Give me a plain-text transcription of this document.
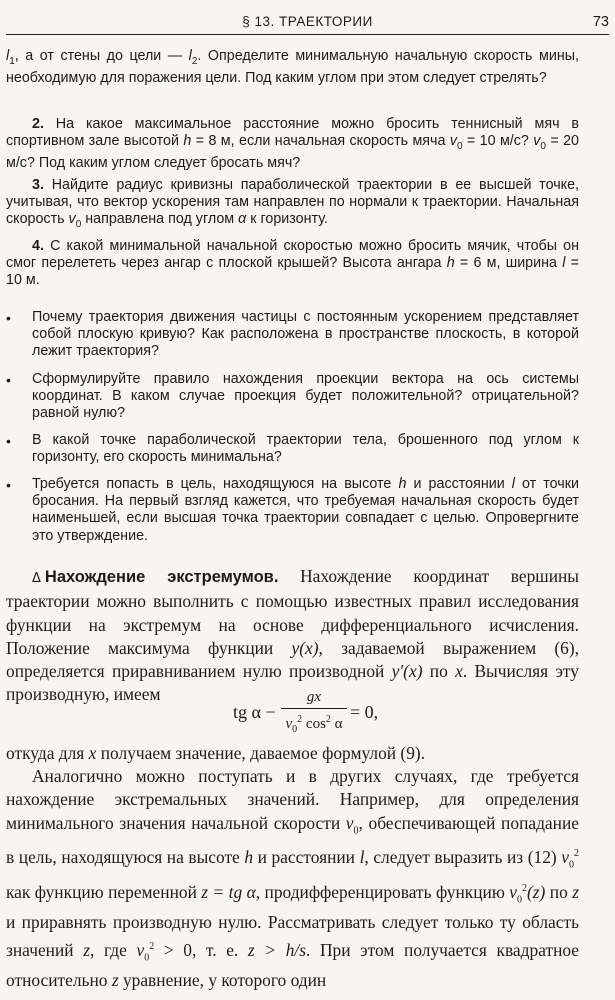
§ 13. ТРАЕКТОРИИ	73

$l_1$, а от стены до цели — $l_2$. Определите минимальную начальную скорость мины, необходимую для поражения цели. Под каким углом при этом следует стрелять?

2. На какое максимальное расстояние можно бросить теннисный мяч в спортивном зале высотой h = 8 м, если начальная скорость мяча $v_0 = 10$ м/с? $v_0 = 20$ м/с? Под каким углом следует бросать мяч?

3. Найдите радиус кривизны параболической траектории в ее высшей точке, учитывая, что вектор ускорения там направлен по нормали к траектории. Начальная скорость $v_0$ направлена под углом α к горизонту.

4. С какой минимальной начальной скоростью можно бросить мячик, чтобы он смог перелететь через ангар с плоской крышей? Высота ангара h = 6 м, ширина l = 10 м.

• Почему траектория движения частицы с постоянным ускорением представляет собой плоскую кривую? Как расположена в пространстве плоскость, в которой лежит траектория?
• Сформулируйте правило нахождения проекции вектора на ось системы координат. В каком случае проекция будет положительной? отрицательной? равной нулю?
• В какой точке параболической траектории тела, брошенного под углом к горизонту, его скорость минимальна?
• Требуется попасть в цель, находящуюся на высоте h и расстоянии l от точки бросания. На первый взгляд кажется, что требуемая начальная скорость будет наименьшей, если высшая точка траектории совпадает с целью. Опровергните это утверждение.

Δ Нахождение экстремумов. Нахождение координат вершины траектории можно выполнить с помощью известных правил исследования функции на экстремум на основе дифференциального исчисления. Положение максимума функции y(x), задаваемой выражением (6), определяется приравниванием нулю производной y′(x) по x. Вычисляя эту производную, имеем

tg α −
gx
$v_0^2$ $\cos^2 \alpha$
= 0,

откуда для x получаем значение, даваемое формулой (9).

Аналогично можно поступать и в других случаях, где требуется нахождение экстремальных значений. Например, для определения минимального значения начальной скорости $v_0$, обеспечивающей попадание в цель, находящуюся на высоте h и расстоянии l, следует выразить из (12) $v_0^2$ как функцию переменной z = tg α, продифференцировать функцию $v_0^2(z)$ по z и приравнять производную нулю. Рассматривать следует только ту область значений z, где $v_0^2 > 0$, т. е. z > h/s. При этом получается квадратное относительно z уравнение, у которого один
